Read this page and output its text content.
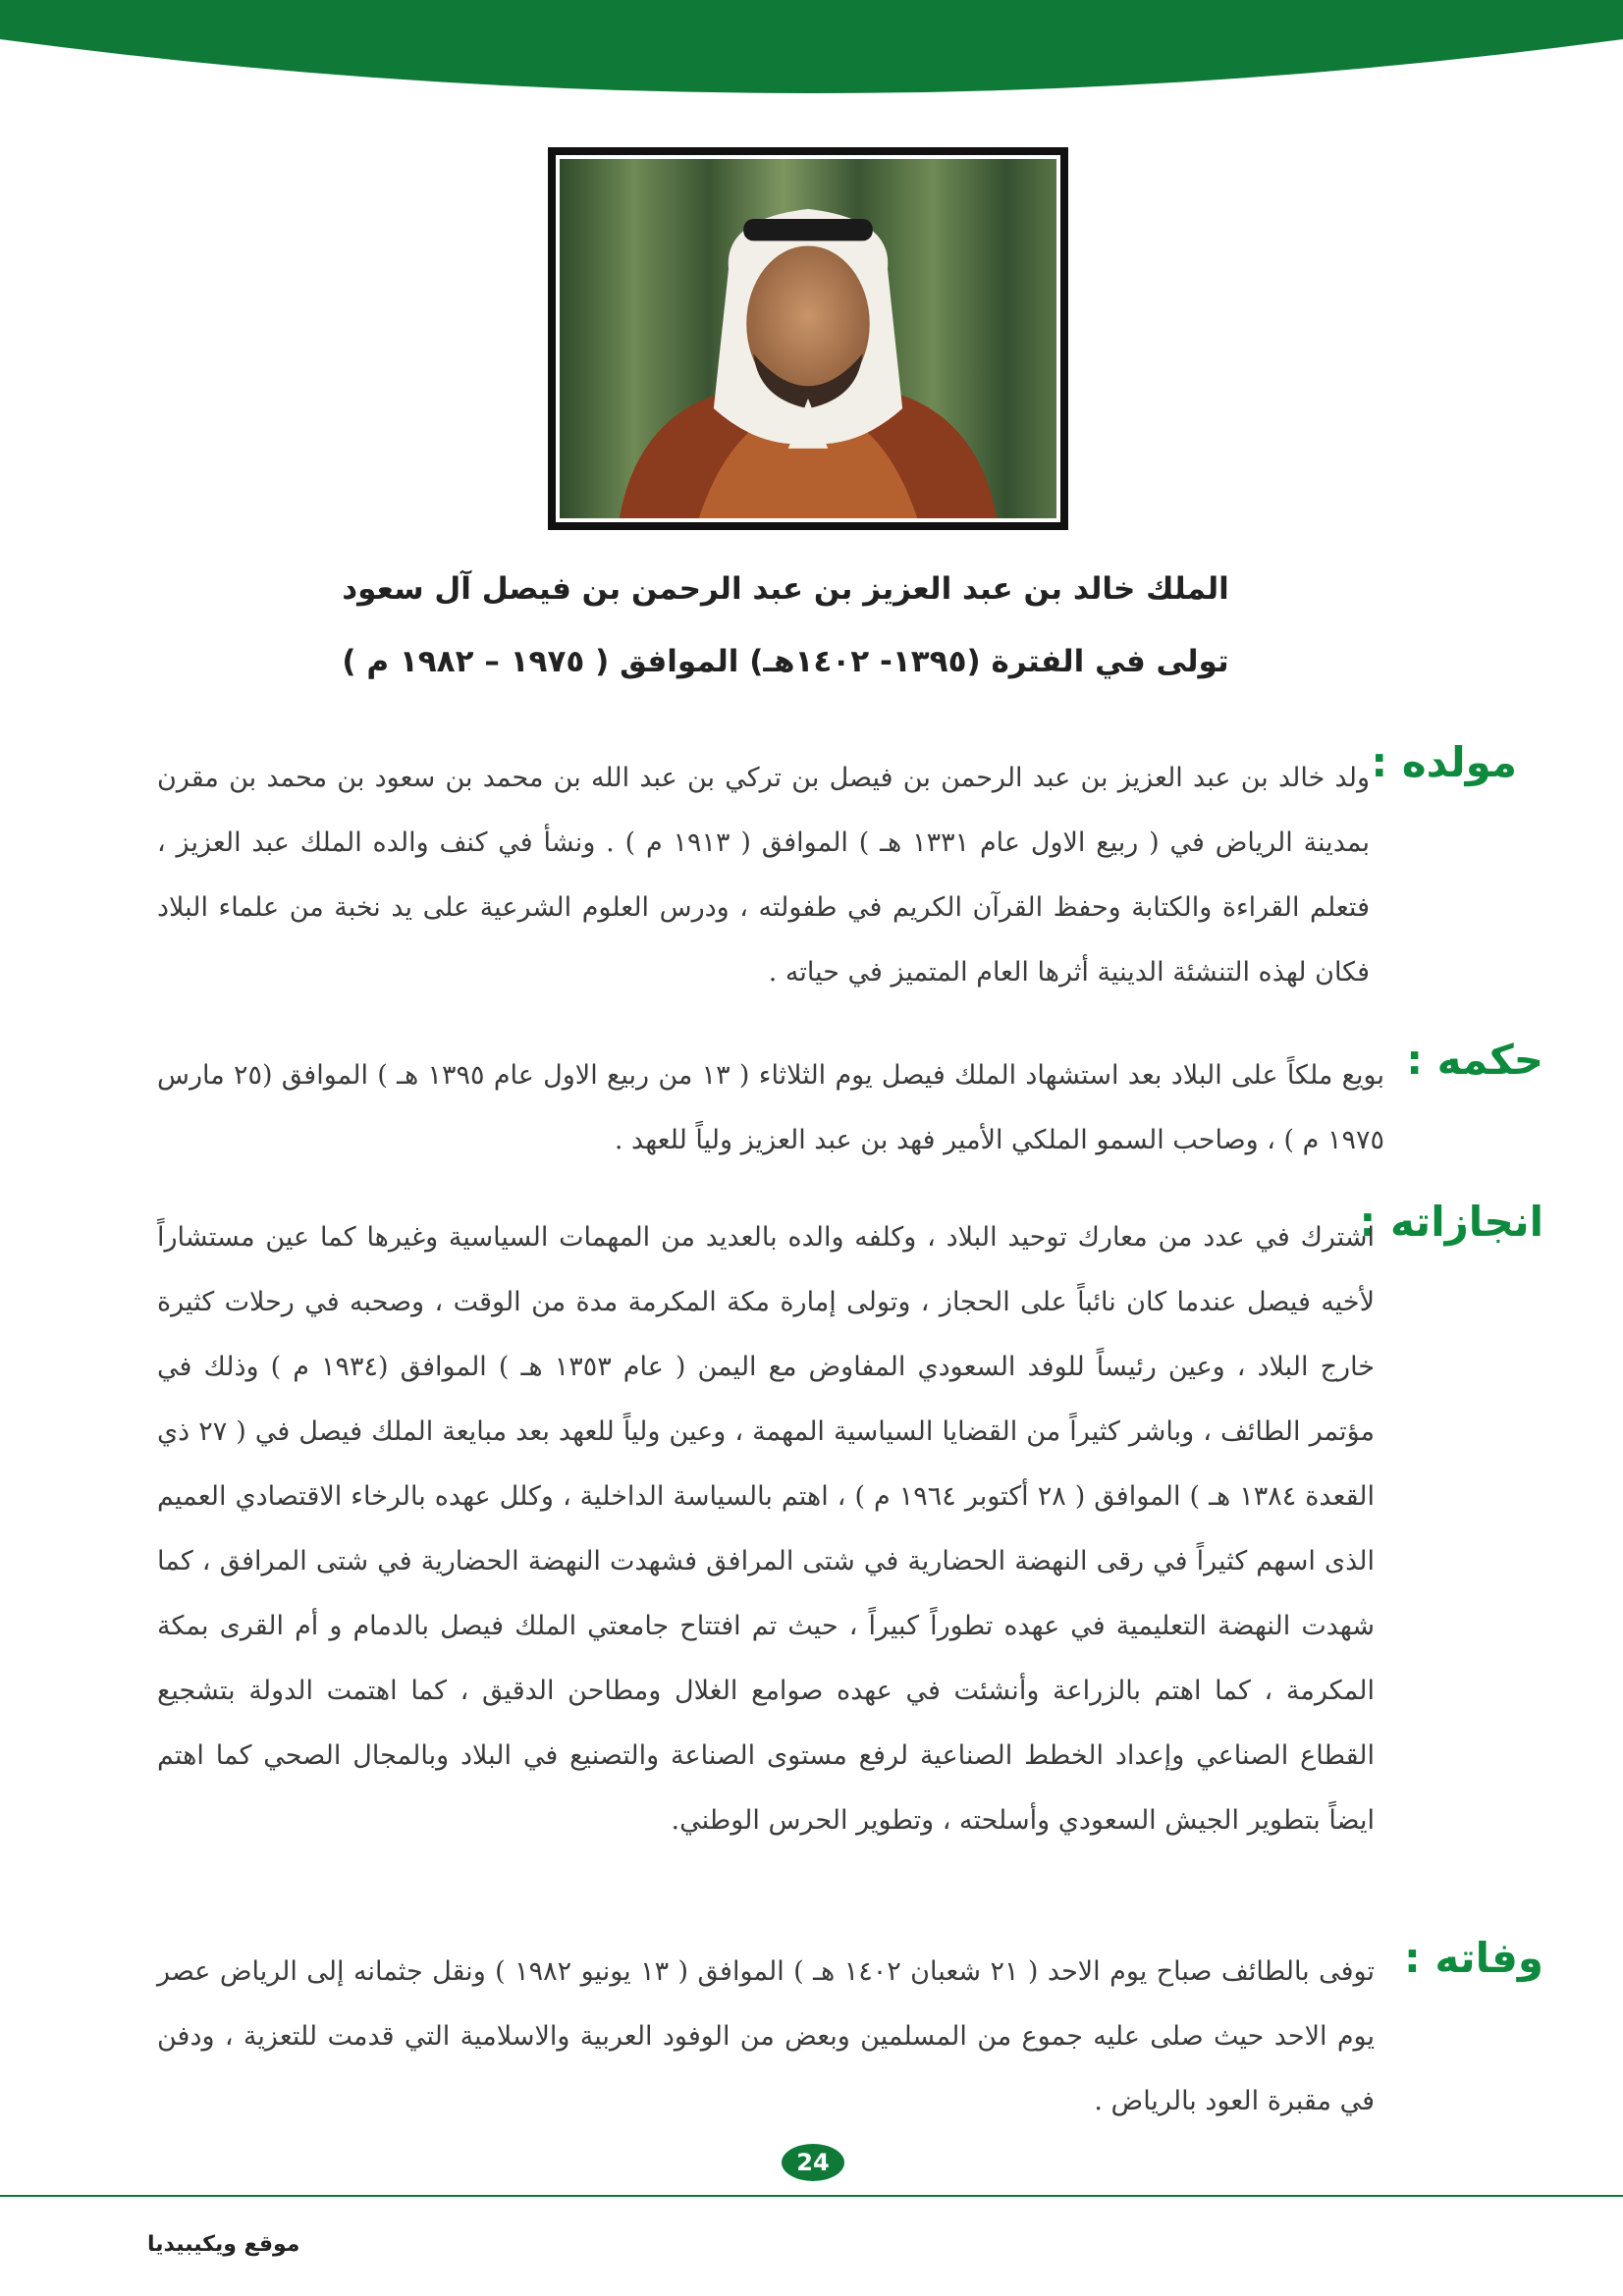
الملك خالد بن عبد العزيز بن عبد الرحمن بن فيصل آل سعود
تولى في الفترة (١٣٩٥- ١٤٠٢هـ) الموافق ( ١٩٧٥ – ١٩٨٢ م )
مولده :
ولد خالد بن عبد العزيز بن عبد الرحمن بن فيصل بن تركي بن عبد الله بن محمد بن سعود بن محمد بن مقرن بمدينة الرياض في ( ربيع الاول عام ١٣٣١ هـ ) الموافق ( ١٩١٣ م ) . ونشأ في كنف والده الملك عبد العزيز ، فتعلم القراءة والكتابة وحفظ القرآن الكريم في طفولته ، ودرس العلوم الشرعية على يد نخبة من علماء البلاد فكان لهذه التنشئة الدينية أثرها العام المتميز في حياته .
حكمه :
بويع ملكاً على البلاد بعد استشهاد الملك فيصل يوم الثلاثاء ( ١٣ من ربيع الاول عام ١٣٩٥ هـ ) الموافق (٢٥ مارس ١٩٧٥ م ) ، وصاحب السمو الملكي الأمير فهد بن عبد العزيز ولياً للعهد .
انجازاته :
اشترك في عدد من معارك توحيد البلاد ، وكلفه والده بالعديد من المهمات السياسية وغيرها كما عين مستشاراً لأخيه فيصل عندما كان نائباً على الحجاز ، وتولى إمارة مكة المكرمة مدة من الوقت ، وصحبه في رحلات كثيرة خارج البلاد ، وعين رئيساً للوفد السعودي المفاوض مع اليمن ( عام ١٣٥٣ هـ ) الموافق (١٩٣٤ م ) وذلك في مؤتمر الطائف ، وباشر كثيراً من القضايا السياسية المهمة ، وعين ولياً للعهد بعد مبايعة الملك فيصل في ( ٢٧ ذي القعدة ١٣٨٤ هـ ) الموافق ( ٢٨ أكتوبر ١٩٦٤ م ) ، اهتم بالسياسة الداخلية ، وكلل عهده بالرخاء الاقتصادي العميم الذى اسهم كثيراً في رقى النهضة الحضارية في شتى المرافق فشهدت النهضة الحضارية في شتى المرافق ، كما شهدت النهضة التعليمية في عهده تطوراً كبيراً ، حيث تم افتتاح جامعتي الملك فيصل بالدمام و أم القرى بمكة المكرمة ، كما اهتم بالزراعة وأنشئت في عهده صوامع الغلال ومطاحن الدقيق ، كما اهتمت الدولة بتشجيع القطاع الصناعي وإعداد الخطط الصناعية لرفع مستوى الصناعة والتصنيع في البلاد وبالمجال الصحي كما اهتم ايضاً بتطوير الجيش السعودي وأسلحته ، وتطوير الحرس الوطني.
وفاته :
توفى بالطائف صباح يوم الاحد ( ٢١ شعبان ١٤٠٢ هـ ) الموافق ( ١٣ يونيو ١٩٨٢ ) ونقل جثمانه إلى الرياض عصر يوم الاحد حيث صلى عليه جموع من المسلمين وبعض من الوفود العربية والاسلامية التي قدمت للتعزية ، ودفن في مقبرة العود بالرياض .
24
موقع ويكيبيديا
